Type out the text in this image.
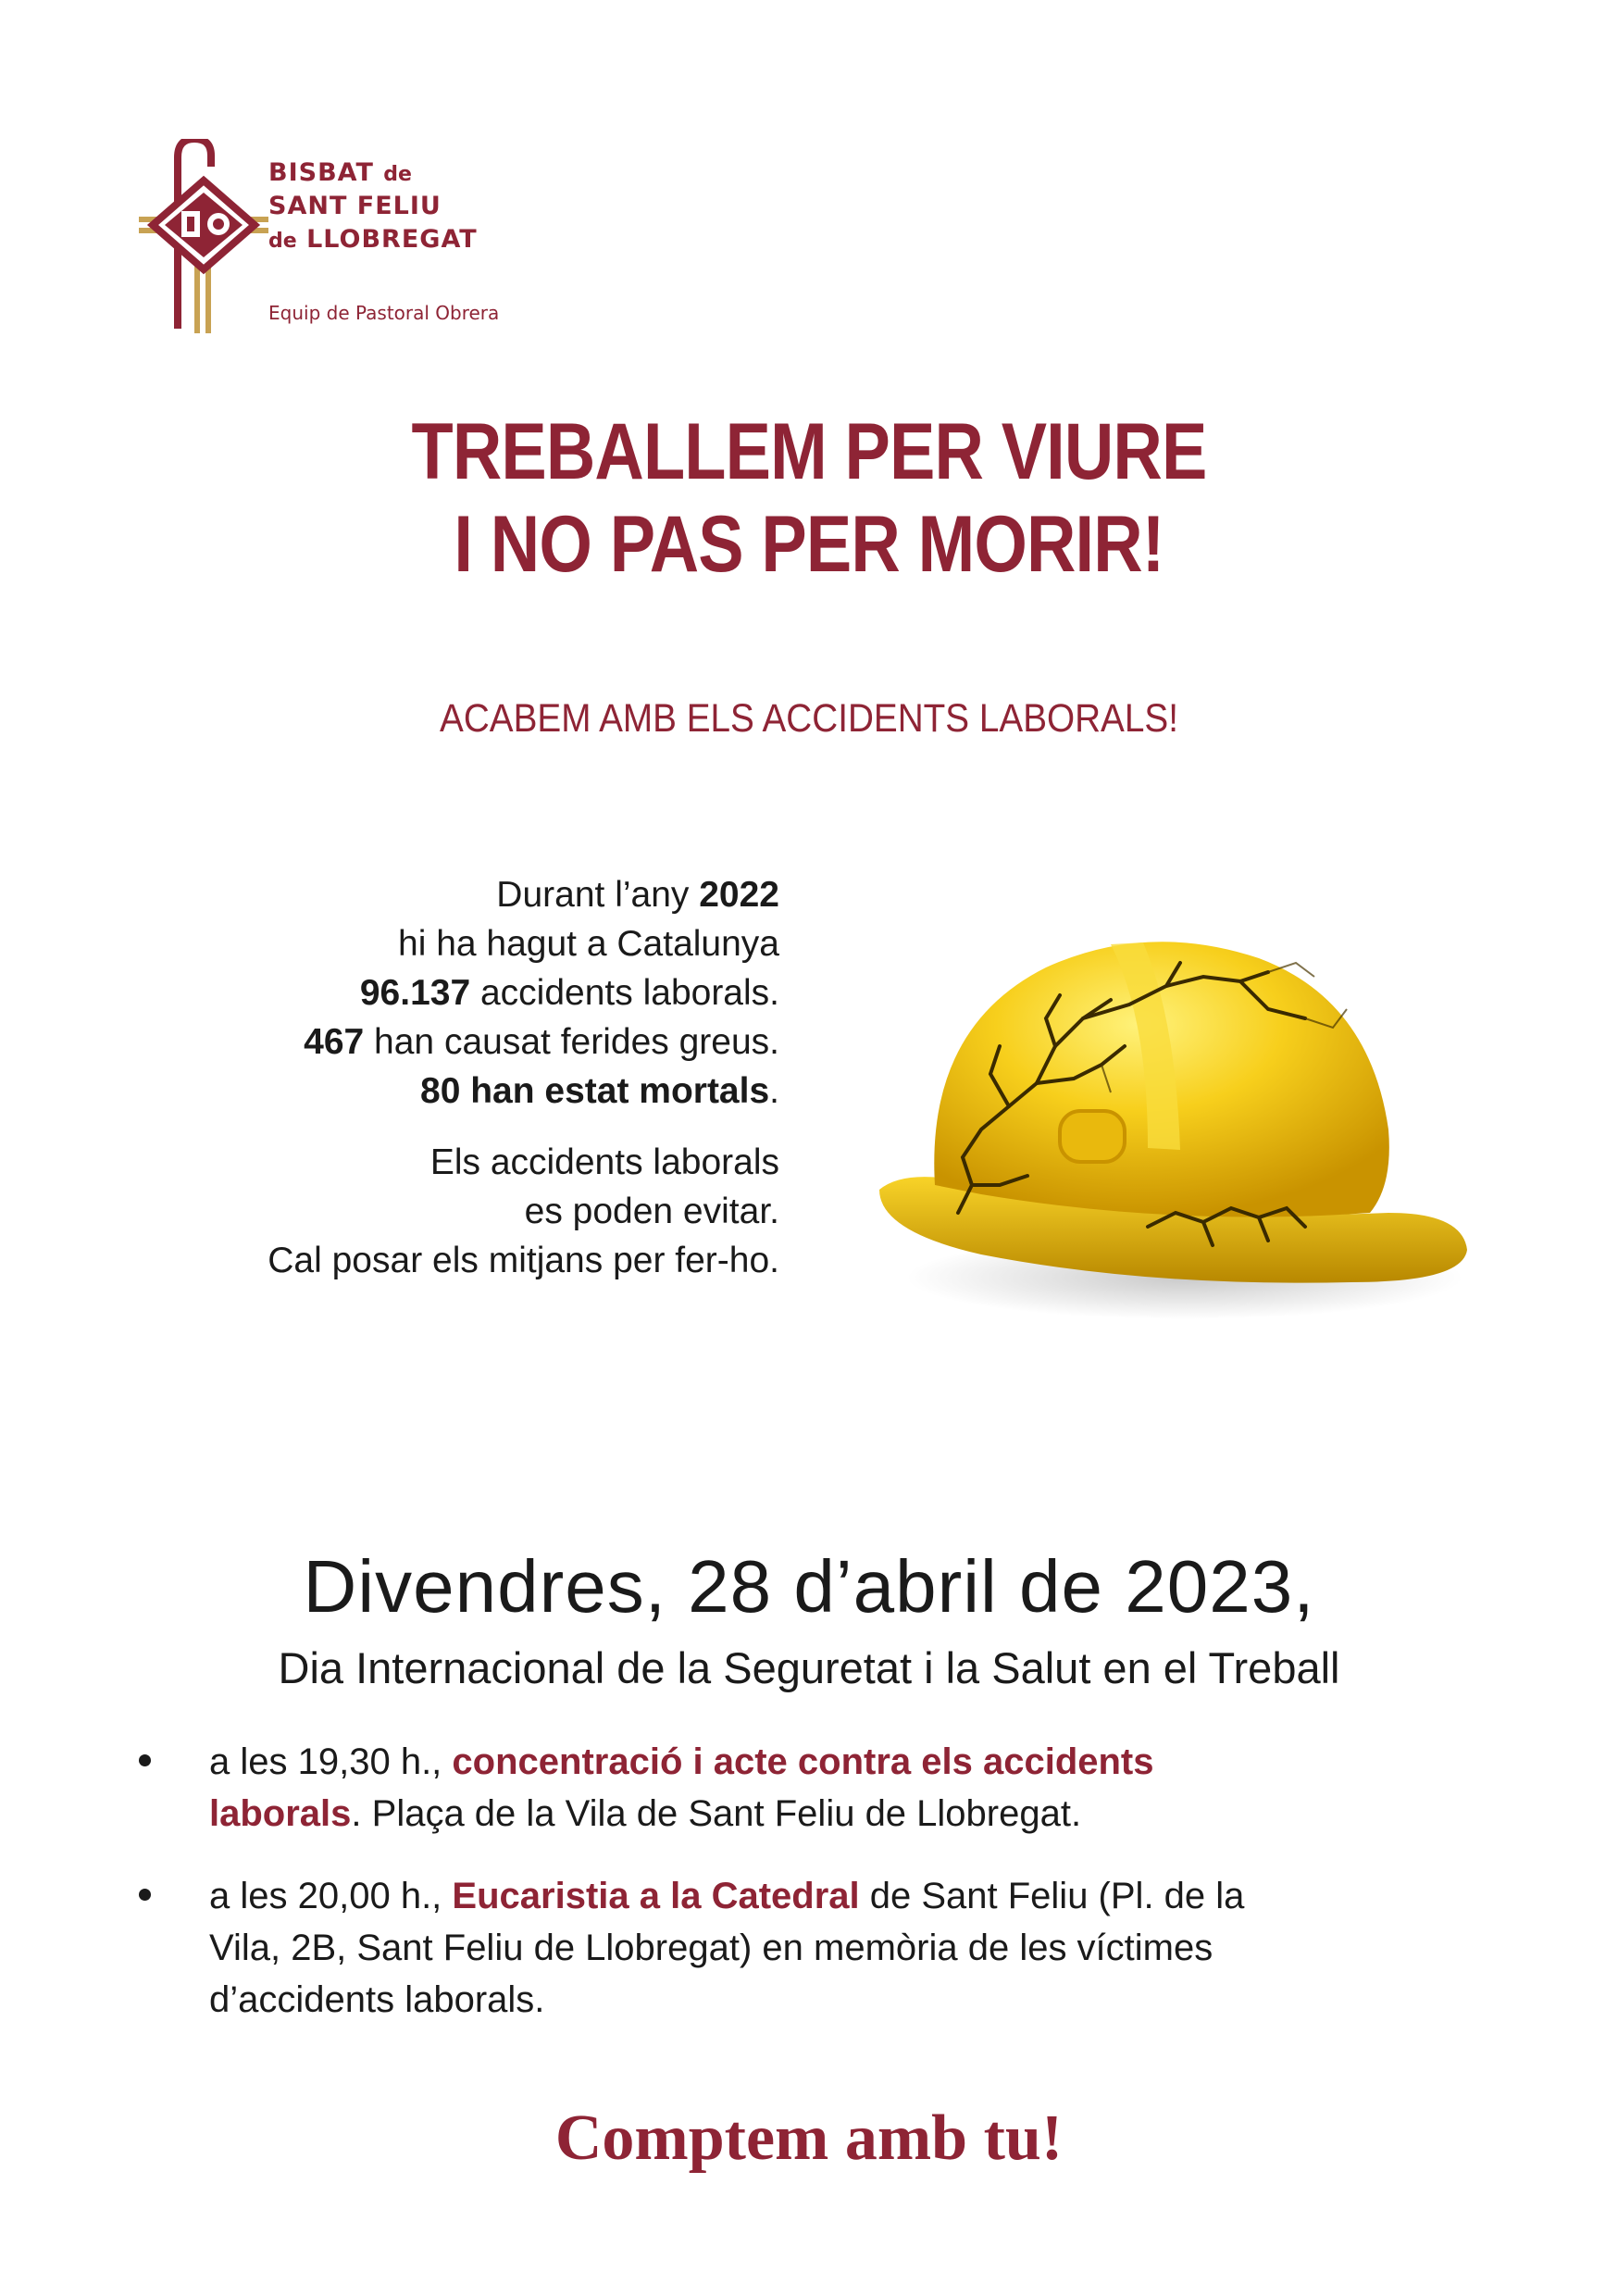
BISBAT de
SANT FELIU
de LLOBREGAT
Equip de Pastoral Obrera
TREBALLEM PER VIURE
I NO PAS PER MORIR!
ACABEM AMB ELS ACCIDENTS LABORALS!
Durant l’any 2022
hi ha hagut a Catalunya
96.137 accidents laborals.
467 han causat ferides greus.
80 han estat mortals.
Els accidents laborals
es poden evitar.
Cal posar els mitjans per fer-ho.
Divendres, 28 d’abril de 2023,
Dia Internacional de la Seguretat i la Salut en el Treball
a les 19,30 h., concentració i acte contra els accidents
laborals. Plaça de la Vila de Sant Feliu de Llobregat.
a les 20,00 h., Eucaristia a la Catedral de Sant Feliu (Pl. de la
Vila, 2B, Sant Feliu de Llobregat) en memòria de les víctimes
d’accidents laborals.
Comptem amb tu!
